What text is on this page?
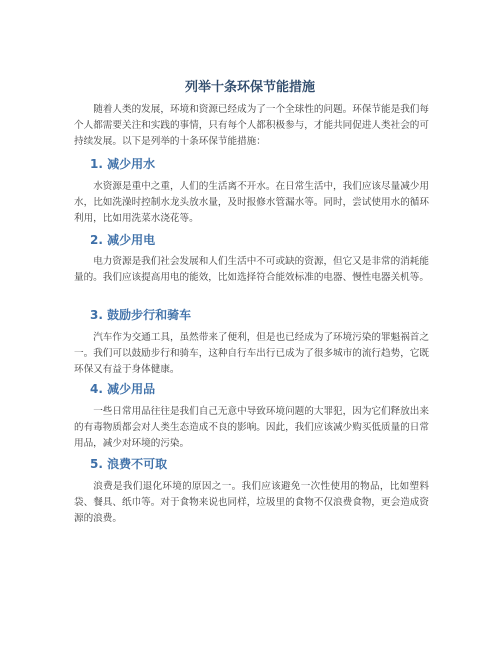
列举十条环保节能措施

随着人类的发展，环境和资源已经成为了一个全球性的问题。环保节能是我们每个人都需要关注和实践的事情，只有每个人都积极参与，才能共同促进人类社会的可持续发展。以下是列举的十条环保节能措施：

1. 减少用水

水资源是重中之重，人们的生活离不开水。在日常生活中，我们应该尽量减少用水，比如洗澡时控制水龙头放水量，及时报修水管漏水等。同时，尝试使用水的循环利用，比如用洗菜水浇花等。

2. 减少用电

电力资源是我们社会发展和人们生活中不可或缺的资源，但它又是非常的消耗能量的。我们应该提高用电的能效，比如选择符合能效标准的电器、慢性电器关机等。

3. 鼓励步行和骑车

汽车作为交通工具，虽然带来了便利，但是也已经成为了环境污染的罪魁祸首之一。我们可以鼓励步行和骑车，这种自行车出行已成为了很多城市的流行趋势，它既环保又有益于身体健康。

4. 减少用品

一些日常用品往往是我们自己无意中导致环境问题的大罪犯，因为它们释放出来的有毒物质都会对人类生态造成不良的影响。因此，我们应该减少购买低质量的日常用品，减少对环境的污染。

5. 浪费不可取

浪费是我们退化环境的原因之一。我们应该避免一次性使用的物品，比如塑料袋、餐具、纸巾等。对于食物来说也同样，垃圾里的食物不仅浪费食物，更会造成资源的浪费。
